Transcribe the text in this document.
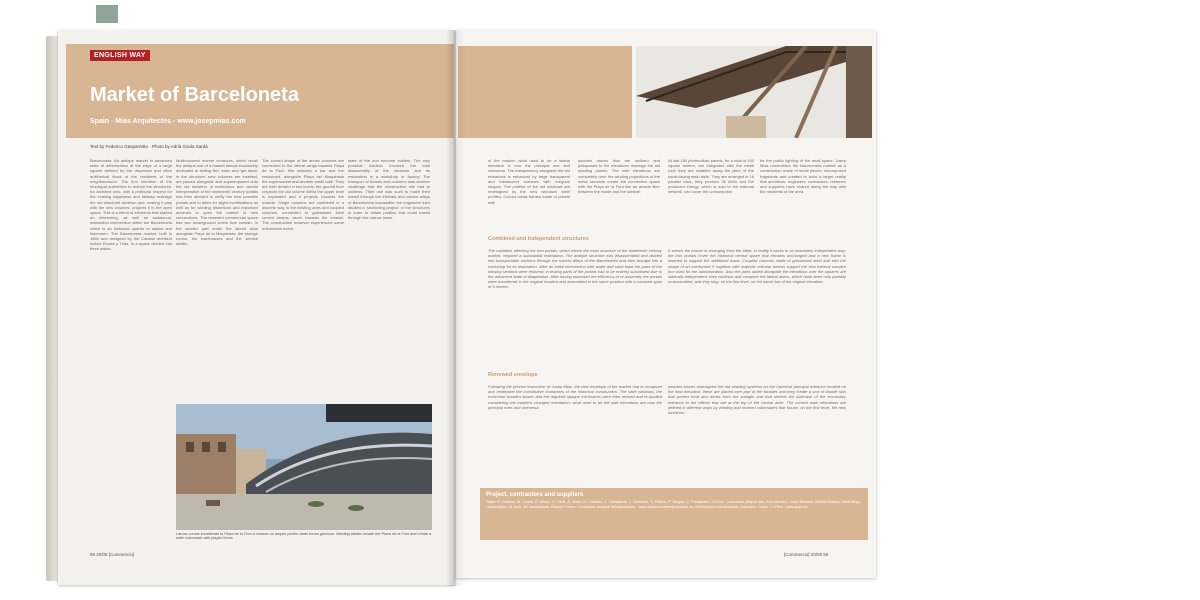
ENGLISH WAY
Market of Barceloneta
Spain - Mias Arquitectes - www.josepmias.com
Text by Federico Gasparretto · Photo by Adrià Goula Sardà
Barceloneta. An antique market in advanced state of deterioration at the edge of a large square defined by the dispersed and often antithetical flows of the residents of the neighbourhood. The firm intention of the municipal authorities to restore the structures. An architect who, with a profound respect for the existing happiness and fantasy redesign the old structural skeleton and, making it play with the new volumes, projects it in the open space. This is a blend of elements that started an interesting, as well as audacious, restoration intervention within the Barceloneta which is an historical quarter of sailors and fishermen. The Barceloneta market, built in 1884 and designed by the Catalan architect Antoni Rovira y Trias, is a space divided into three aisles.
Multicoloured marine creatures, which recall the antique use of a market almost exclusively dedicated at selling fish, swim and 'get stuck' in the structure: new volumes are inserted, are placed alongside and superimposed onto the old skeleton. A meticulous and careful interpretation of the nineteenth century portals has then allowed to verify the new possible portals and to allow for slight modifications as well as for winding distortions and important annexes to open the market to new connections. The renewed commercial space has two underground levels that contain, in the smaller part under the lateral aisle alongside Plaça de la Maquinista, the storage rooms, the warehouses and the service shafts.
The curved shape of the annex volumes are connected to the lateral wings towards Plaça de la Font: this includes a bar and the restaurant, alongside Plaça del Maquinista the supermarket and another small café. They are both divided in two levels, the ground floor respects the old volume whilst the upper level is expanded and it projects towards the outside. Single columns are combined in a discrete way to the existing ones and coupled columns, connected to galvanised steel curved beams, storm towards the outside. The construction however experienced some unforeseen event.
state of the iron become evident. The only possible solution involved the total disassembly of the structure and its restoration in a workshop or factory. The transport of beams and columns was another challenge that the construction site had to address. Their use was such to make their transit through the intricate and narrow alleys of Barceloneta impossible; the engineers then studied a 'sectioning project' of the structures in order to obtain profiles that could transit through the narrow lanes.
Lamas curvas invadiendo la Plaza de la Font a crearan un amplio pórtico dado forma glociosa. Winding blades invade the Plaza de la Font and create a wide colonnade with playful forms
68 20/08 [Commercio]
of the market: what used to be a lateral elevation is now the principal one and viceversa. The transparency alongside the old entrances is enhanced by large transparent and translucent surfaces with irregular shapes. The profiles of the old windows are redesigned by the new windows' steel profiles. Curved metal frames made of panels with
wooden staves that are inclined and juxtaposed to the elevations redesign the old shading panels. The side elevations are completely new: the winding projections of the metal structure create the connective space with the Plaça de la Font like an arcade filter between the inside and the outside.
At last 180 photovoltaic panels, for a total of 150 square meters, are integrated with the metal roof: they are installed along the pitch of the south-facing main aisle. They are arranged in 18 parallel rows, they produce 35 kW/h and the produced energy, which is sold to the national network, can cover the consumption
for the public lighting of the retail space. Josep Mias remembers the Barceloneta market as a construction made of small pieces, recomposed fragments and created to build a larger reality that architects, engineers, contractors, restorers and suppliers have shared along the way with the residents of the area.
Combined and independent structures
The oxidation affecting the iron portals, which where the main structure of the nineteenth century market, required a substantial restoration. The antique structure was disassembled and divided into transportable sections through the narrow alleys of the Barceloneta and then brought into a workshop for its restoration. After an initial intervention with water and sand blast the parts of the missing sections were restored, in testing parts of the portals had to be entirely substituted due to the advanced state of dilapidation. After having assessed the efficiency of re-assembly the portals were transferred to the original location and assembled in the same position with a constant span of 5 meters.
It seems the former is emerging from the latter, in reality it works in an absolutely independent way: the iron portals cover the historical central space that remains unchanged and a new frame is inserted to support the additional loads. Coupled columns made of galvanised steel and with the shape of an overturned V together with majestic reticular beams support the new internal wooden box used for the administration. Also the parts added alongside the elevations over the squares are statically independent: they continue and complete the lateral aisles, which have been only partially re-assembled, and they stop, on the first level, on the same line of the original elevation.
Renewed envelope
Following the precise instruction of Josep Mias, the new envelope of the market had to recapture and reinterpret the constitutive characters of the historical construction. The wide windows, the horizontal wooden staves and the required opaque enclosures were then revised and re-studied considering the market's changed orientation: what used to be the side elevations are now the principal ones and viceversa.
wooden staves redesigned the old shading systems on the historical principal entrance located on the east elevation; these are placed over part of the facades and they create a sort of double skin that protect food and drinks from the sunlight and that shields the staircase of the secondary entrance to the offices that are at the top of the central aisle. The current main elevations are defined in different ways by winding and inclined colonnades that house, on the first level, the new functions.
Project, contractors and suppliers
Team: A. Toulese, M. Cases, E. Alfonz, D. Hells, A. Velas, N. Cantallo, J. Carballeda, C. Martinez, S. Ribera, P. Vargas, D. Fernandez, S.Rock. Consultant: Miquel Alio, Ana Navarro, Josef Miramis, BOMA Bruiers, Studi Mogu i Associates, J4 Jock, 3B Installations. Ramon Forres. Contractor: Arciane Infrastructures - www.acciona-infraestructuras.es; Mechanical and electrical: Gonzalez. Solar: J.J.Pina - www.gaia.es
[Commercio] 20/08 69
